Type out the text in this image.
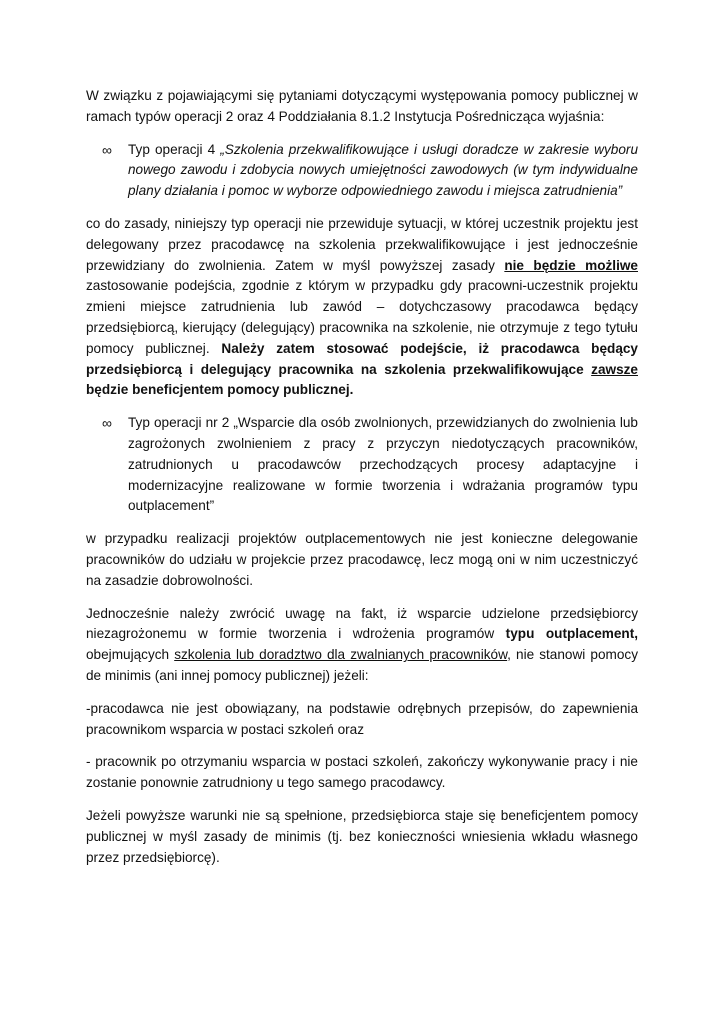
W związku z pojawiającymi się pytaniami dotyczącymi występowania pomocy publicznej w ramach typów operacji 2 oraz 4 Poddziałania 8.1.2 Instytucja Pośrednicząca wyjaśnia:

∞ Typ operacji 4 „Szkolenia przekwalifikowujące i usługi doradcze w zakresie wyboru nowego zawodu i zdobycia nowych umiejętności zawodowych (w tym indywidualne plany działania i pomoc w wyborze odpowiedniego zawodu i miejsca zatrudnienia”

co do zasady, niniejszy typ operacji nie przewiduje sytuacji, w której uczestnik projektu jest delegowany przez pracodawcę na szkolenia przekwalifikowujące i jest jednocześnie przewidziany do zwolnienia. Zatem w myśl powyższej zasady nie będzie możliwe zastosowanie podejścia, zgodnie z którym w przypadku gdy pracowni-uczestnik projektu zmieni miejsce zatrudnienia lub zawód – dotychczasowy pracodawca będący przedsiębiorcą, kierujący (delegujący) pracownika na szkolenie, nie otrzymuje z tego tytułu pomocy publicznej. Należy zatem stosować podejście, iż pracodawca będący przedsiębiorcą i delegujący pracownika na szkolenia przekwalifikowujące zawsze będzie beneficjentem pomocy publicznej.

∞ Typ operacji nr 2 „Wsparcie dla osób zwolnionych, przewidzianych do zwolnienia lub zagrożonych zwolnieniem z pracy z przyczyn niedotyczących pracowników, zatrudnionych u pracodawców przechodzących procesy adaptacyjne i modernizacyjne realizowane w formie tworzenia i wdrażania programów typu outplacement”

w przypadku realizacji projektów outplacementowych nie jest konieczne delegowanie pracowników do udziału w projekcie przez pracodawcę, lecz mogą oni w nim uczestniczyć na zasadzie dobrowolności.

Jednocześnie należy zwrócić uwagę na fakt, iż wsparcie udzielone przedsiębiorcy niezagrożonemu w formie tworzenia i wdrożenia programów typu outplacement, obejmujących szkolenia lub doradztwo dla zwalnianych pracowników, nie stanowi pomocy de minimis (ani innej pomocy publicznej) jeżeli:

-pracodawca nie jest obowiązany, na podstawie odrębnych przepisów, do zapewnienia pracownikom wsparcia w postaci szkoleń oraz

- pracownik po otrzymaniu wsparcia w postaci szkoleń, zakończy wykonywanie pracy i nie zostanie ponownie zatrudniony u tego samego pracodawcy.

Jeżeli powyższe warunki nie są spełnione, przedsiębiorca staje się beneficjentem pomocy publicznej w myśl zasady de minimis (tj. bez konieczności wniesienia wkładu własnego przez przedsiębiorcę).
